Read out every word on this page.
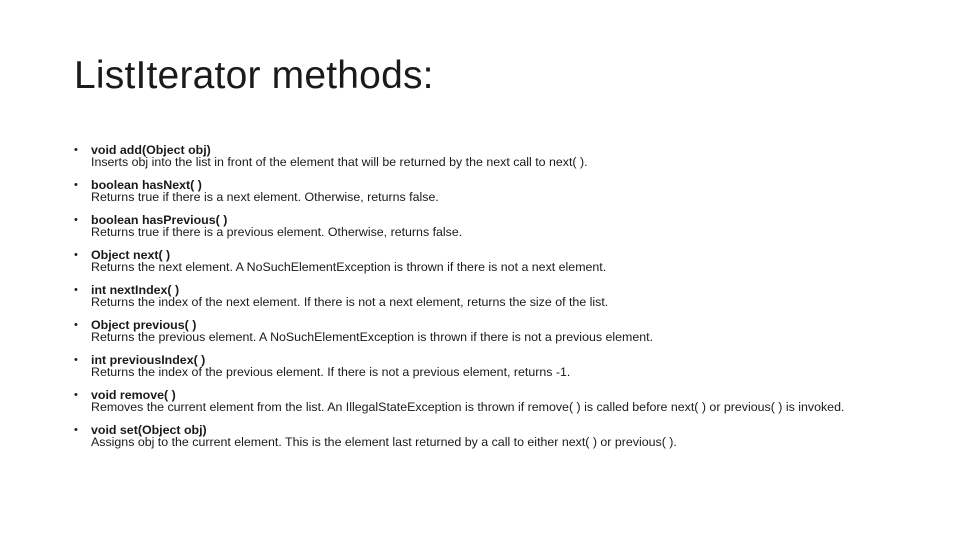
ListIterator methods:
• void add(Object obj)
Inserts obj into the list in front of the element that will be returned by the next call to next( ).
• boolean hasNext( )
Returns true if there is a next element. Otherwise, returns false.
• boolean hasPrevious( )
Returns true if there is a previous element. Otherwise, returns false.
• Object next( )
Returns the next element. A NoSuchElementException is thrown if there is not a next element.
• int nextIndex( )
Returns the index of the next element. If there is not a next element, returns the size of the list.
• Object previous( )
Returns the previous element. A NoSuchElementException is thrown if there is not a previous element.
• int previousIndex( )
Returns the index of the previous element. If there is not a previous element, returns -1.
• void remove( )
Removes the current element from the list. An IllegalStateException is thrown if remove( ) is called before next( ) or previous( ) is invoked.
• void set(Object obj)
Assigns obj to the current element. This is the element last returned by a call to either next( ) or previous( ).
